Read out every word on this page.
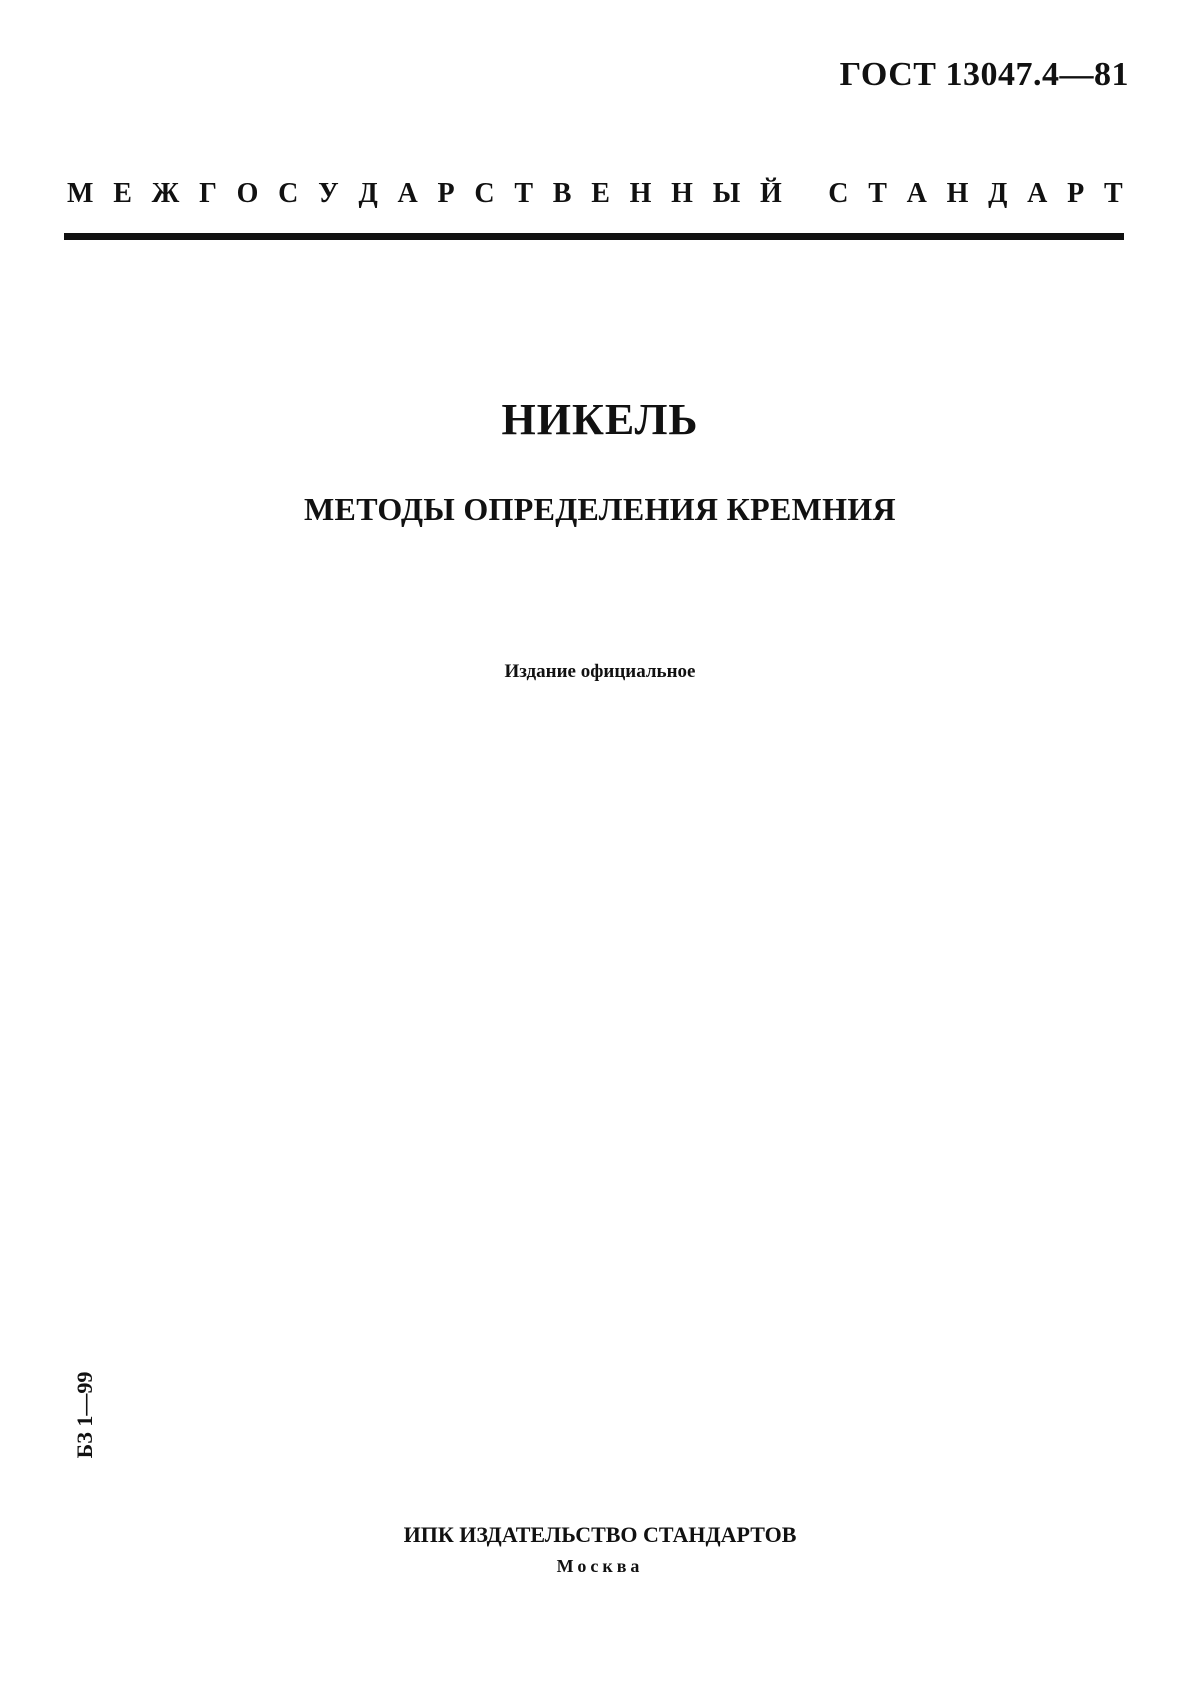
ГОСТ 13047.4—81
М Е Ж Г О С У Д А Р С Т В Е Н Н Ы Й
С Т А Н Д А Р Т
НИКЕЛЬ
МЕТОДЫ ОПРЕДЕЛЕНИЯ КРЕМНИЯ
Издание официальное
БЗ 1—99
ИПК ИЗДАТЕЛЬСТВО СТАНДАРТОВ
Москва
